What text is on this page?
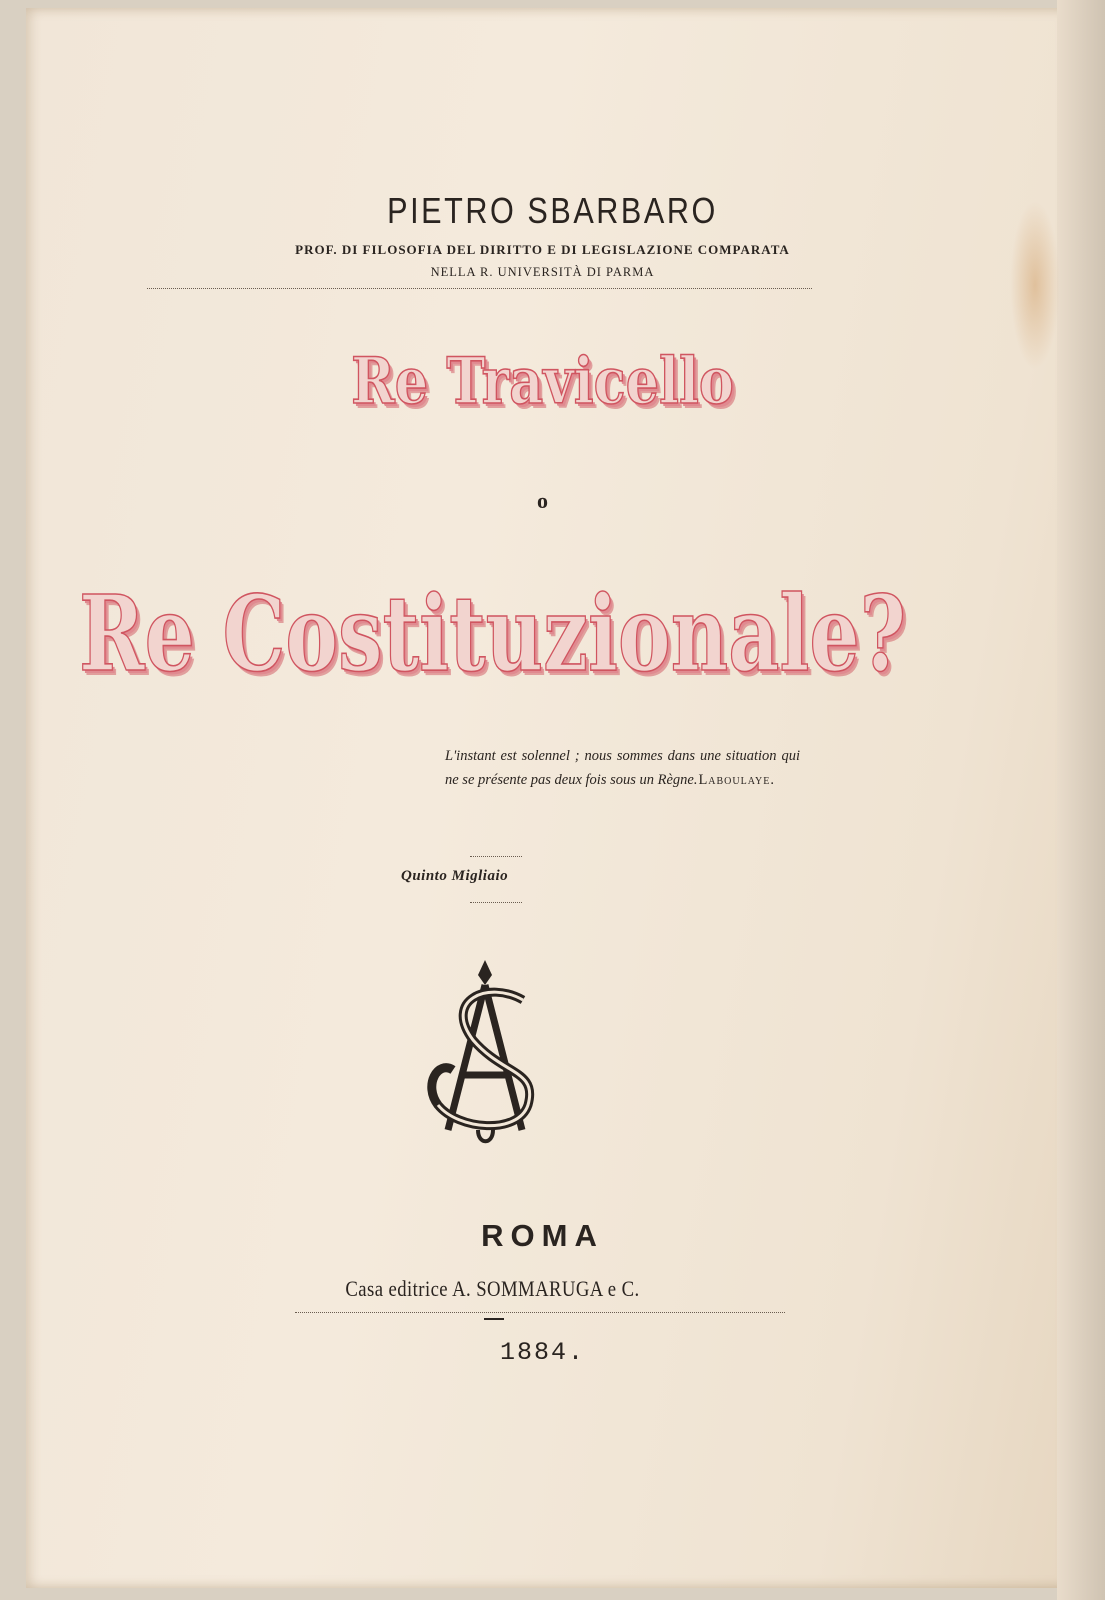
PIETRO SBARBARO
PROF. DI FILOSOFIA DEL DIRITTO E DI LEGISLAZIONE COMPARATA
NELLA R. UNIVERSITÀ DI PARMA
Re Travicello
o
Re Costituzionale?
L'instant est solennel ; nous sommes dans une situation qui ne se présente pas deux fois sous un Règne. Laboulaye.
Quinto Migliaio
ROMA
Casa editrice A. SOMMARUGA e C.
1884.
